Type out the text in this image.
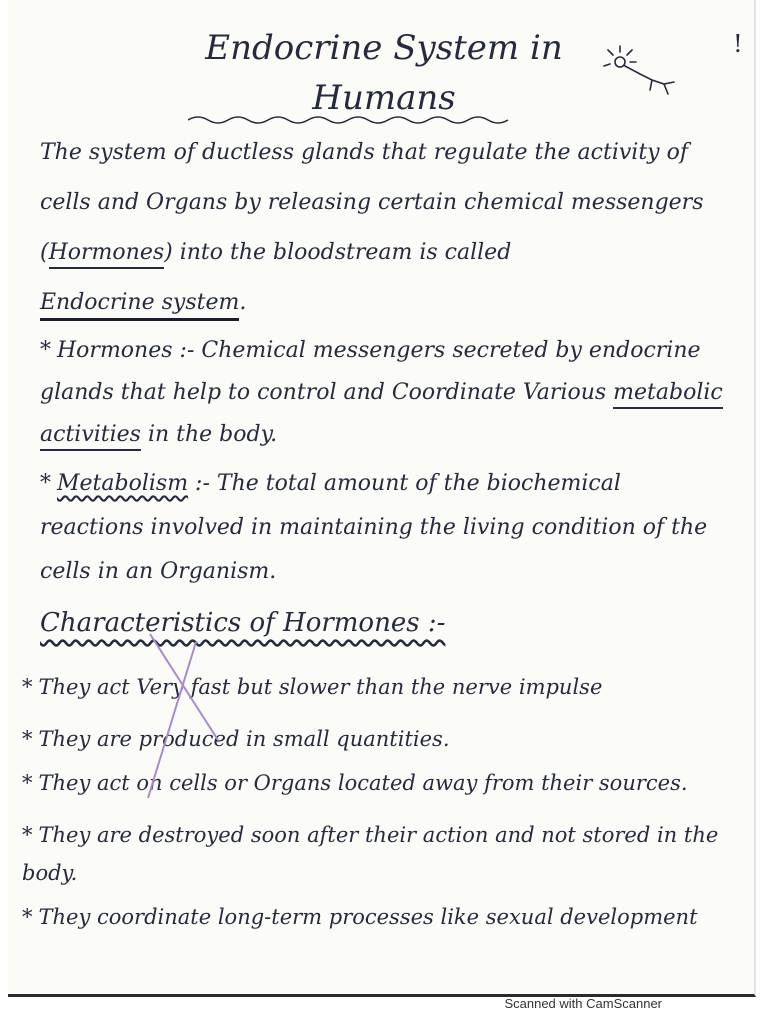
!
Endocrine System in
Humans
The system of ductless glands that regulate the activity of cells and Organs by releasing certain chemical messengers (Hormones) into the bloodstream is called
Endocrine system.
* Hormones :- Chemical messengers secreted by endocrine glands that help to control and Coordinate Various metabolic activities in the body.
* Metabolism :- The total amount of the biochemical reactions involved in maintaining the living condition of the cells in an Organism.
Characteristics of Hormones :-
* They act Very fast but slower than the nerve impulse
* They are produced in small quantities.
* They act on cells or Organs located away from their sources.
* They are destroyed soon after their action and not stored in the body.
* They coordinate long-term processes like sexual development
Scanned with CamScanner
